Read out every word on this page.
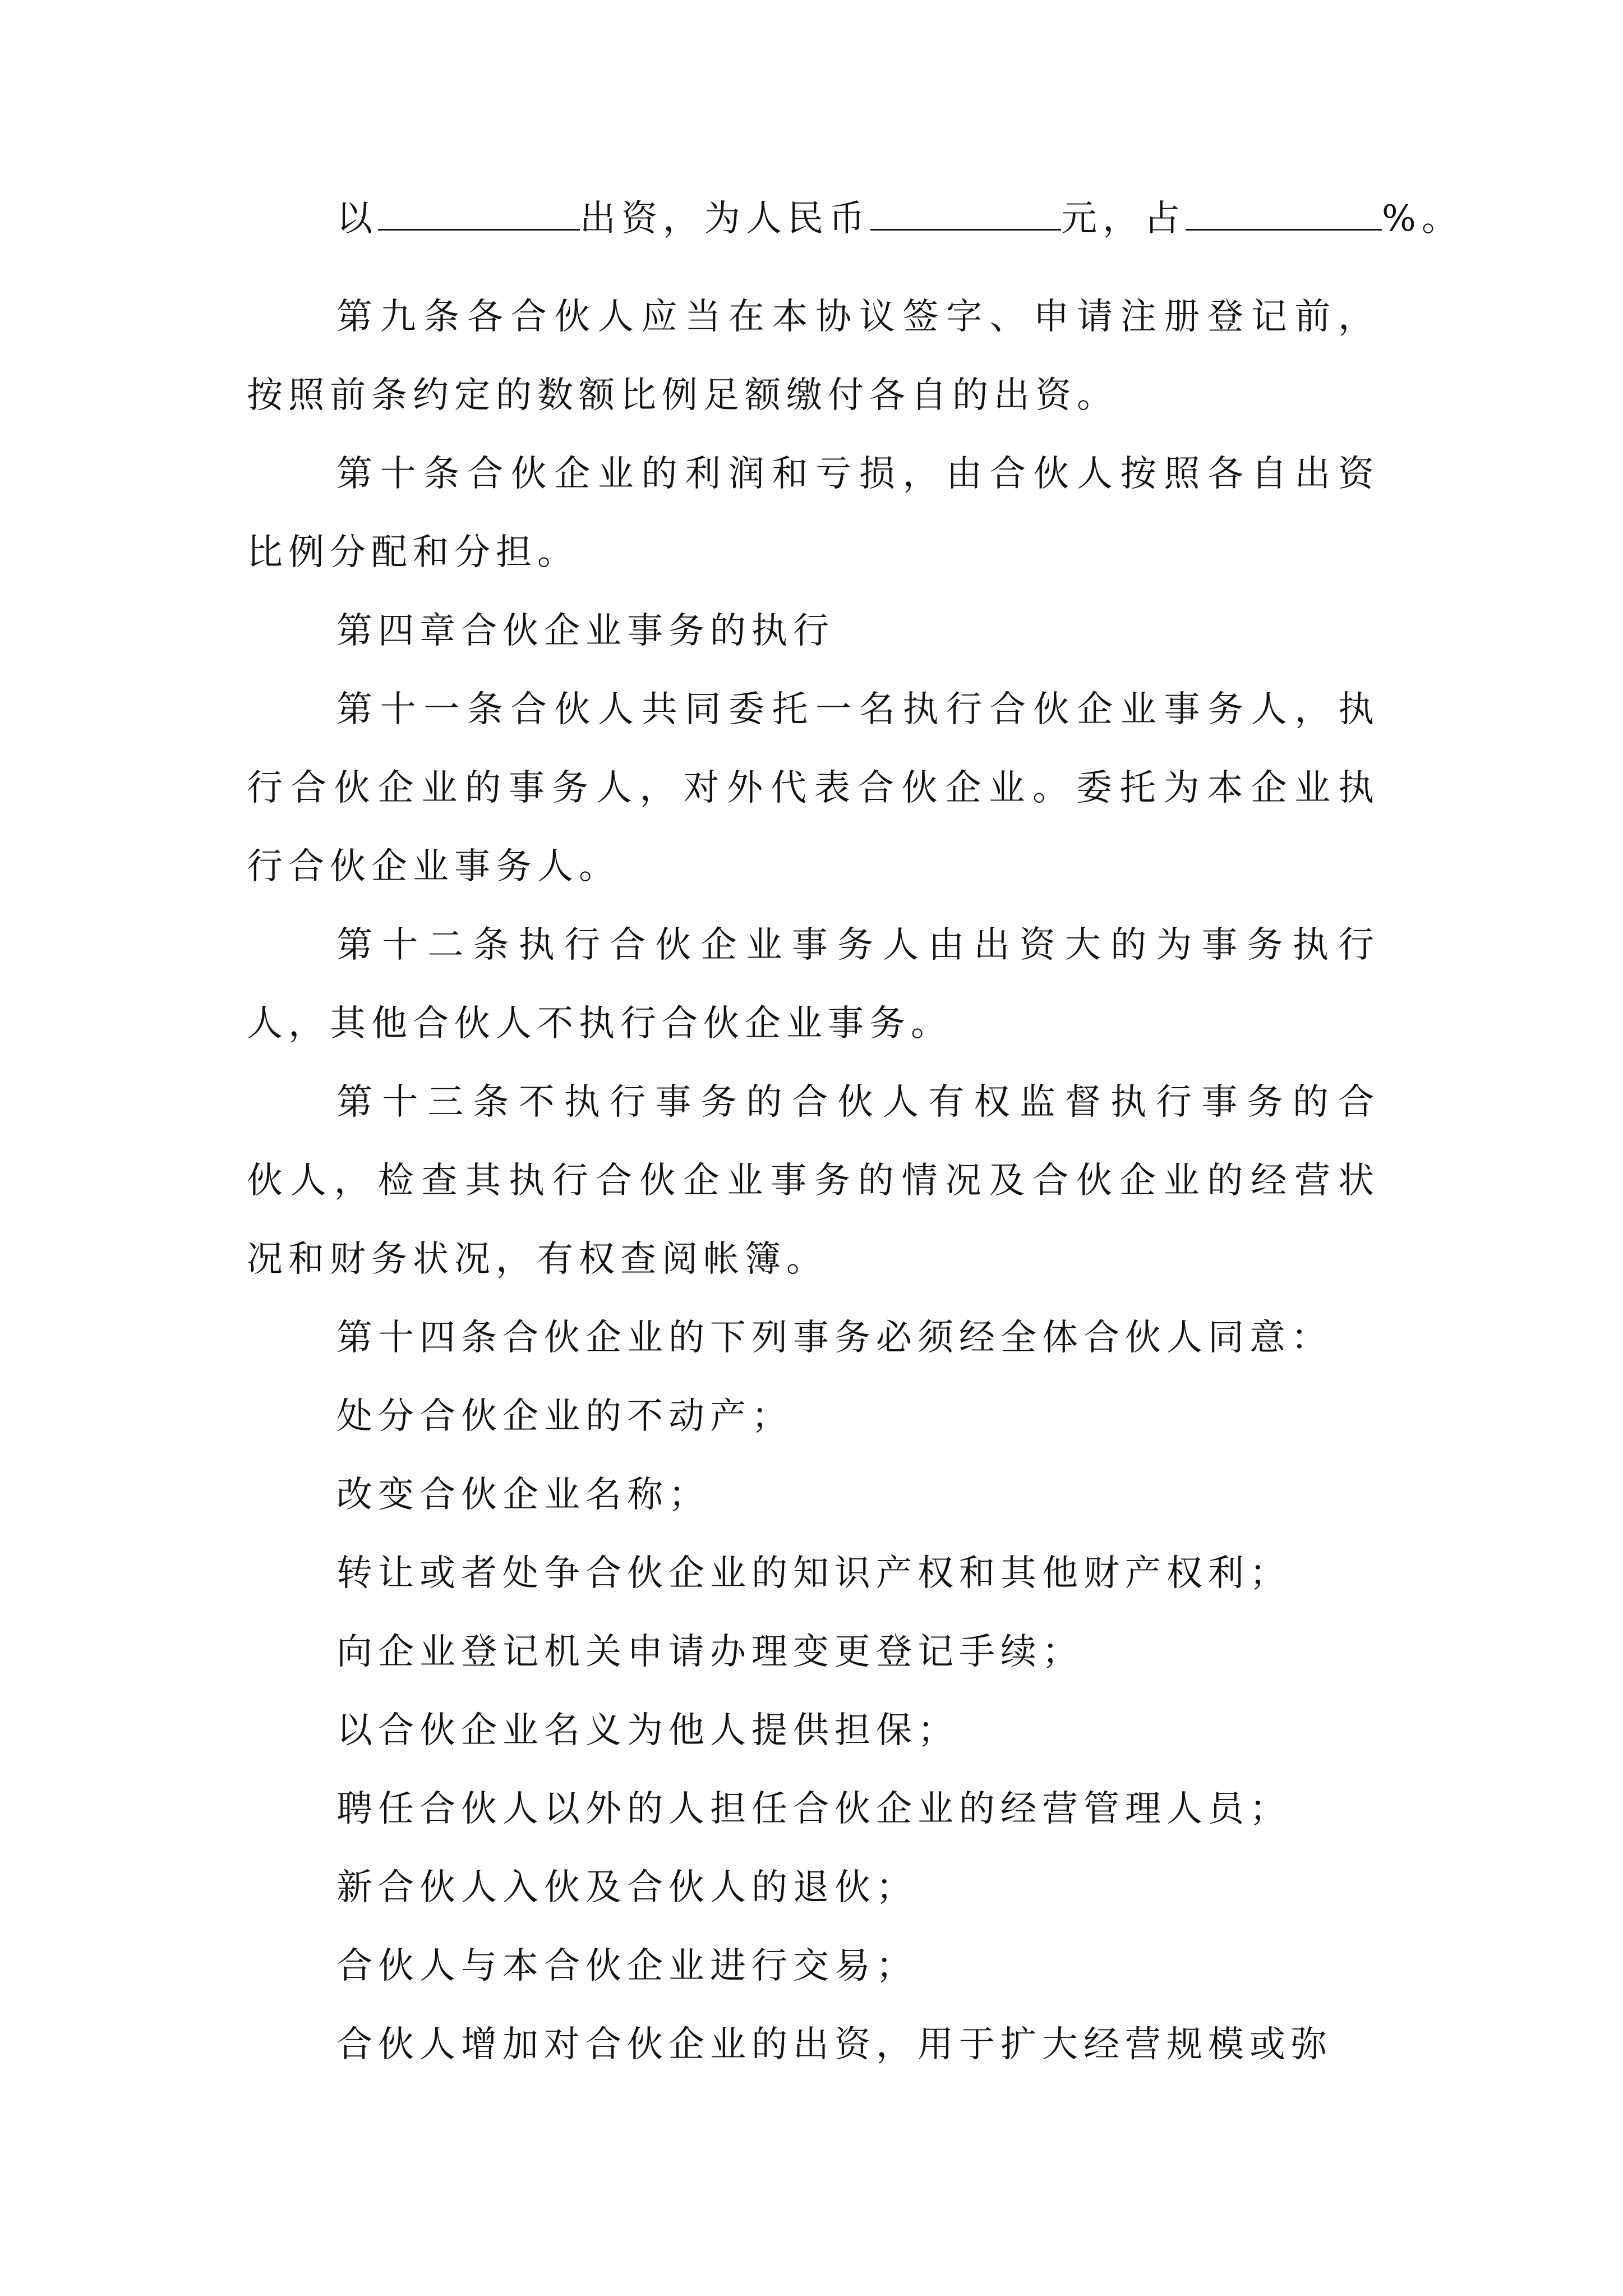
以	出资，为人民币	元，占	%。
第九条各合伙人应当在本协议签字、申请注册登记前，
按照前条约定的数额比例足额缴付各自的出资。
第十条合伙企业的利润和亏损，由合伙人按照各自出资
比例分配和分担。
第四章合伙企业事务的执行
第十一条合伙人共同委托一名执行合伙企业事务人，执
行合伙企业的事务人，对外代表合伙企业。委托为本企业执
行合伙企业事务人。
第十二条执行合伙企业事务人由出资大的为事务执行
人，其他合伙人不执行合伙企业事务。
第十三条不执行事务的合伙人有权监督执行事务的合
伙人，检查其执行合伙企业事务的情况及合伙企业的经营状
况和财务状况，有权查阅帐簿。
第十四条合伙企业的下列事务必须经全体合伙人同意：
处分合伙企业的不动产；
改变合伙企业名称；
转让或者处争合伙企业的知识产权和其他财产权利；
向企业登记机关申请办理变更登记手续；
以合伙企业名义为他人提供担保；
聘任合伙人以外的人担任合伙企业的经营管理人员；
新合伙人入伙及合伙人的退伙；
合伙人与本合伙企业进行交易；
合伙人增加对合伙企业的出资，用于扩大经营规模或弥
